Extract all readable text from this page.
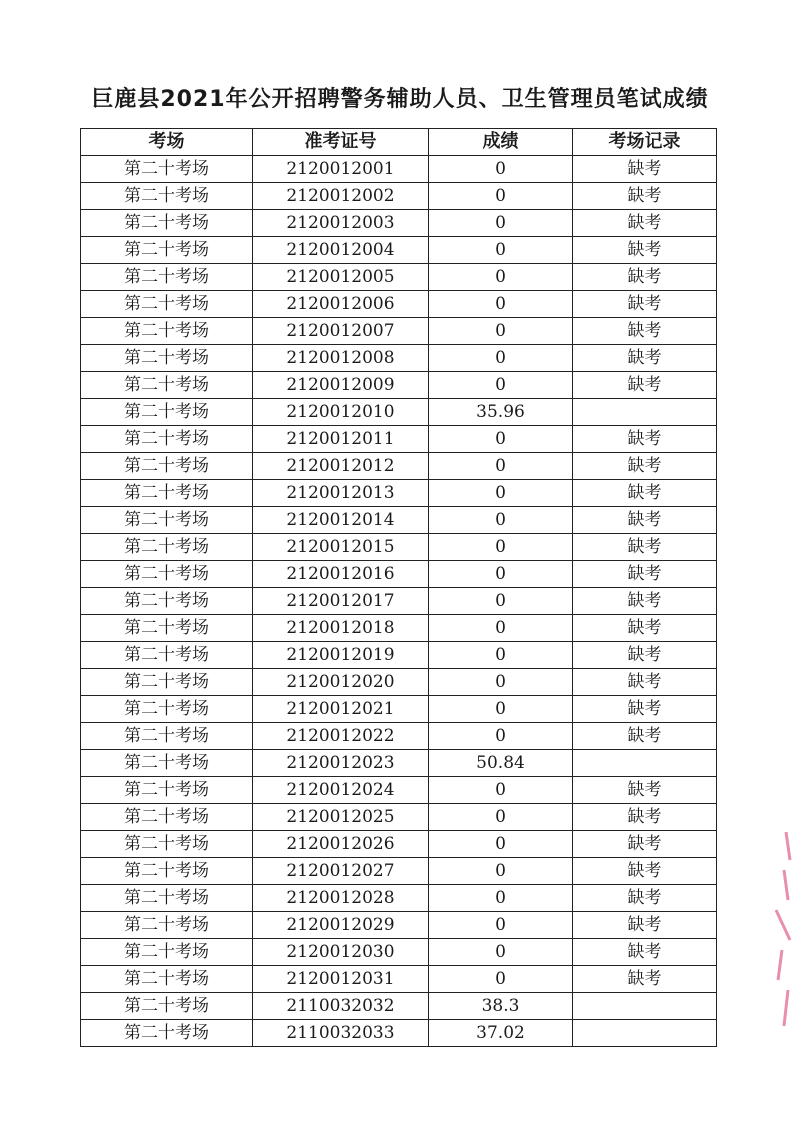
巨鹿县2021年公开招聘警务辅助人员、卫生管理员笔试成绩
考场	准考证号	成绩	考场记录
第二十考场	2120012001	0	缺考
第二十考场	2120012002	0	缺考
第二十考场	2120012003	0	缺考
第二十考场	2120012004	0	缺考
第二十考场	2120012005	0	缺考
第二十考场	2120012006	0	缺考
第二十考场	2120012007	0	缺考
第二十考场	2120012008	0	缺考
第二十考场	2120012009	0	缺考
第二十考场	2120012010	35.96	
第二十考场	2120012011	0	缺考
第二十考场	2120012012	0	缺考
第二十考场	2120012013	0	缺考
第二十考场	2120012014	0	缺考
第二十考场	2120012015	0	缺考
第二十考场	2120012016	0	缺考
第二十考场	2120012017	0	缺考
第二十考场	2120012018	0	缺考
第二十考场	2120012019	0	缺考
第二十考场	2120012020	0	缺考
第二十考场	2120012021	0	缺考
第二十考场	2120012022	0	缺考
第二十考场	2120012023	50.84	
第二十考场	2120012024	0	缺考
第二十考场	2120012025	0	缺考
第二十考场	2120012026	0	缺考
第二十考场	2120012027	0	缺考
第二十考场	2120012028	0	缺考
第二十考场	2120012029	0	缺考
第二十考场	2120012030	0	缺考
第二十考场	2120012031	0	缺考
第二十考场	2110032032	38.3	
第二十考场	2110032033	37.02	
